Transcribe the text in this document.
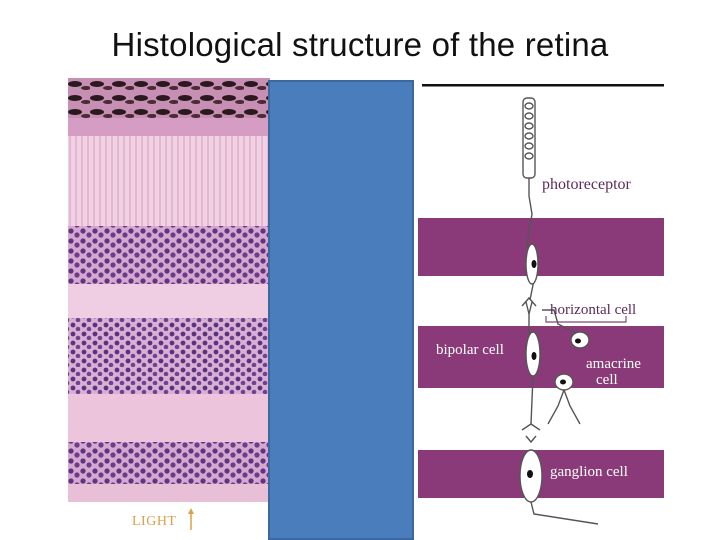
Histological structure of the retina
LIGHT
photoreceptor
horizontal cell
bipolar cell
amacrine
cell
ganglion cell
